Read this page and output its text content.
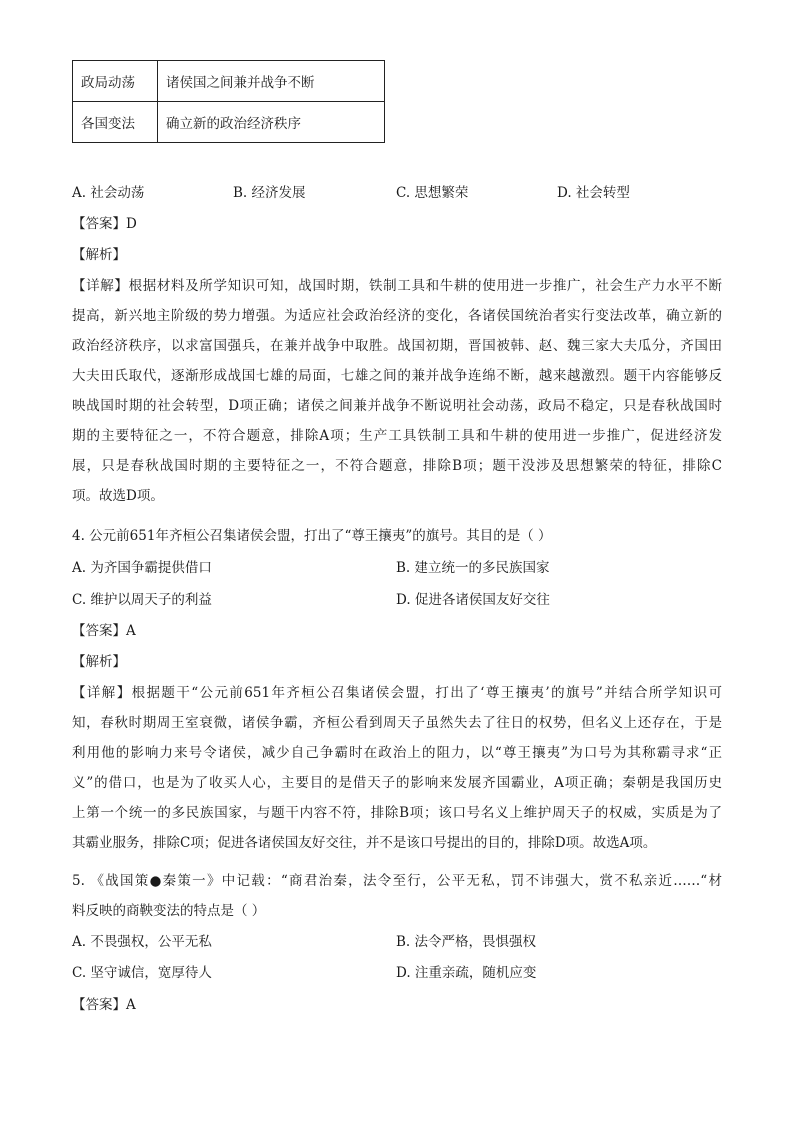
政局动荡	诸侯国之间兼并战争不断
各国变法	确立新的政治经济秩序
A. 社会动荡	B. 经济发展	C. 思想繁荣	D. 社会转型
【答案】D
【解析】
【详解】根据材料及所学知识可知，战国时期，铁制工具和牛耕的使用进一步推广，社会生产力水平不断
提高，新兴地主阶级的势力增强。为适应社会政治经济的变化，各诸侯国统治者实行变法改革，确立新的
政治经济秩序，以求富国强兵，在兼并战争中取胜。战国初期，晋国被韩、赵、魏三家大夫瓜分，齐国田
大夫田氏取代，逐渐形成战国七雄的局面，七雄之间的兼并战争连绵不断，越来越激烈。题干内容能够反
映战国时期的社会转型，D项正确；诸侯之间兼并战争不断说明社会动荡，政局不稳定，只是春秋战国时
期的主要特征之一，不符合题意，排除A项；生产工具铁制工具和牛耕的使用进一步推广，促进经济发
展，只是春秋战国时期的主要特征之一，不符合题意，排除B项；题干没涉及思想繁荣的特征，排除C
项。故选D项。
4. 公元前651年齐桓公召集诸侯会盟，打出了“尊王攘夷”的旗号。其目的是（ ）
A. 为齐国争霸提供借口	B. 建立统一的多民族国家
C. 维护以周天子的利益	D. 促进各诸侯国友好交往
【答案】A
【解析】
【详解】根据题干“公元前651年齐桓公召集诸侯会盟，打出了‘尊王攘夷’的旗号”并结合所学知识可
知，春秋时期周王室衰微，诸侯争霸，齐桓公看到周天子虽然失去了往日的权势，但名义上还存在，于是
利用他的影响力来号令诸侯，减少自己争霸时在政治上的阻力，以“尊王攘夷”为口号为其称霸寻求“正
义”的借口，也是为了收买人心，主要目的是借天子的影响来发展齐国霸业，A项正确；秦朝是我国历史
上第一个统一的多民族国家，与题干内容不符，排除B项；该口号名义上维护周天子的权威，实质是为了
其霸业服务，排除C项；促进各诸侯国友好交往，并不是该口号提出的目的，排除D项。故选A项。
5. 《战国策●秦策一》中记载：“商君治秦，法令至行，公平无私，罚不讳强大，赏不私亲近……“材
料反映的商鞅变法的特点是（ ）
A. 不畏强权，公平无私	B. 法令严格，畏惧强权
C. 坚守诚信，宽厚待人	D. 注重亲疏，随机应变
【答案】A
